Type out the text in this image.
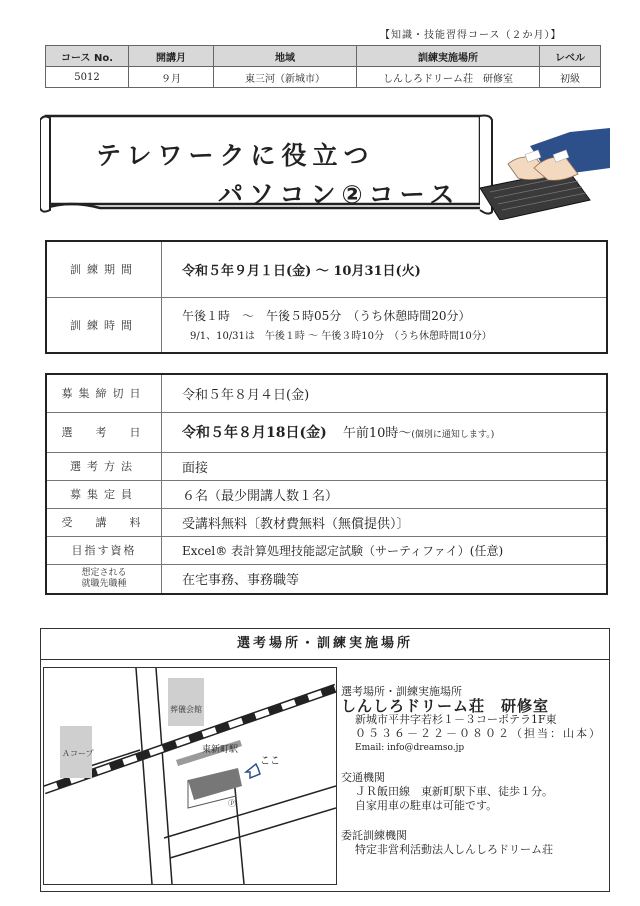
【知識・技能習得コース（２か月）】
コース No.	開講月	地域	訓練実施場所	レベル
5012	９月	東三河（新城市）	しんしろドリーム荘　研修室	初級
テレワークに役立つ
パソコン②コース
訓練期間	令和５年９月１日(金) ～ 10月31日(火)
訓練時間	午後１時　～　午後５時05分　（うち休憩時間20分）
9/1、10/31は　午後１時 ～ 午後３時10分　（うち休憩時間10分）
募集締切日	令和５年８月４日(金)
選　考　日	令和５年８月18日(金) 午前10時～(個別に通知します。)
選考方法	面接
募集定員	６名（最少開講人数１名）
受　講　料	受講料無料〔教材費無料（無償提供）〕
目指す資格	Excel® 表計算処理技能認定試験（サーティファイ）(任意)
想定される
就職先職種	在宅事務、事務職等
選考場所・訓練実施場所
葬儀会館
Ａコープ	東新町駅
Ⓟ
ここ
選考場所・訓練実施場所
しんしろドリーム荘　研修室
新城市平井字若杉１－３コーポテラ1F東
０５３６－２２－０８０２（担当：山本）
Email: info@dreamso.jp
交通機関
ＪＲ飯田線　東新町駅下車、徒歩１分。
自家用車の駐車は可能です。
委託訓練機関
特定非営利活動法人しんしろドリーム荘
